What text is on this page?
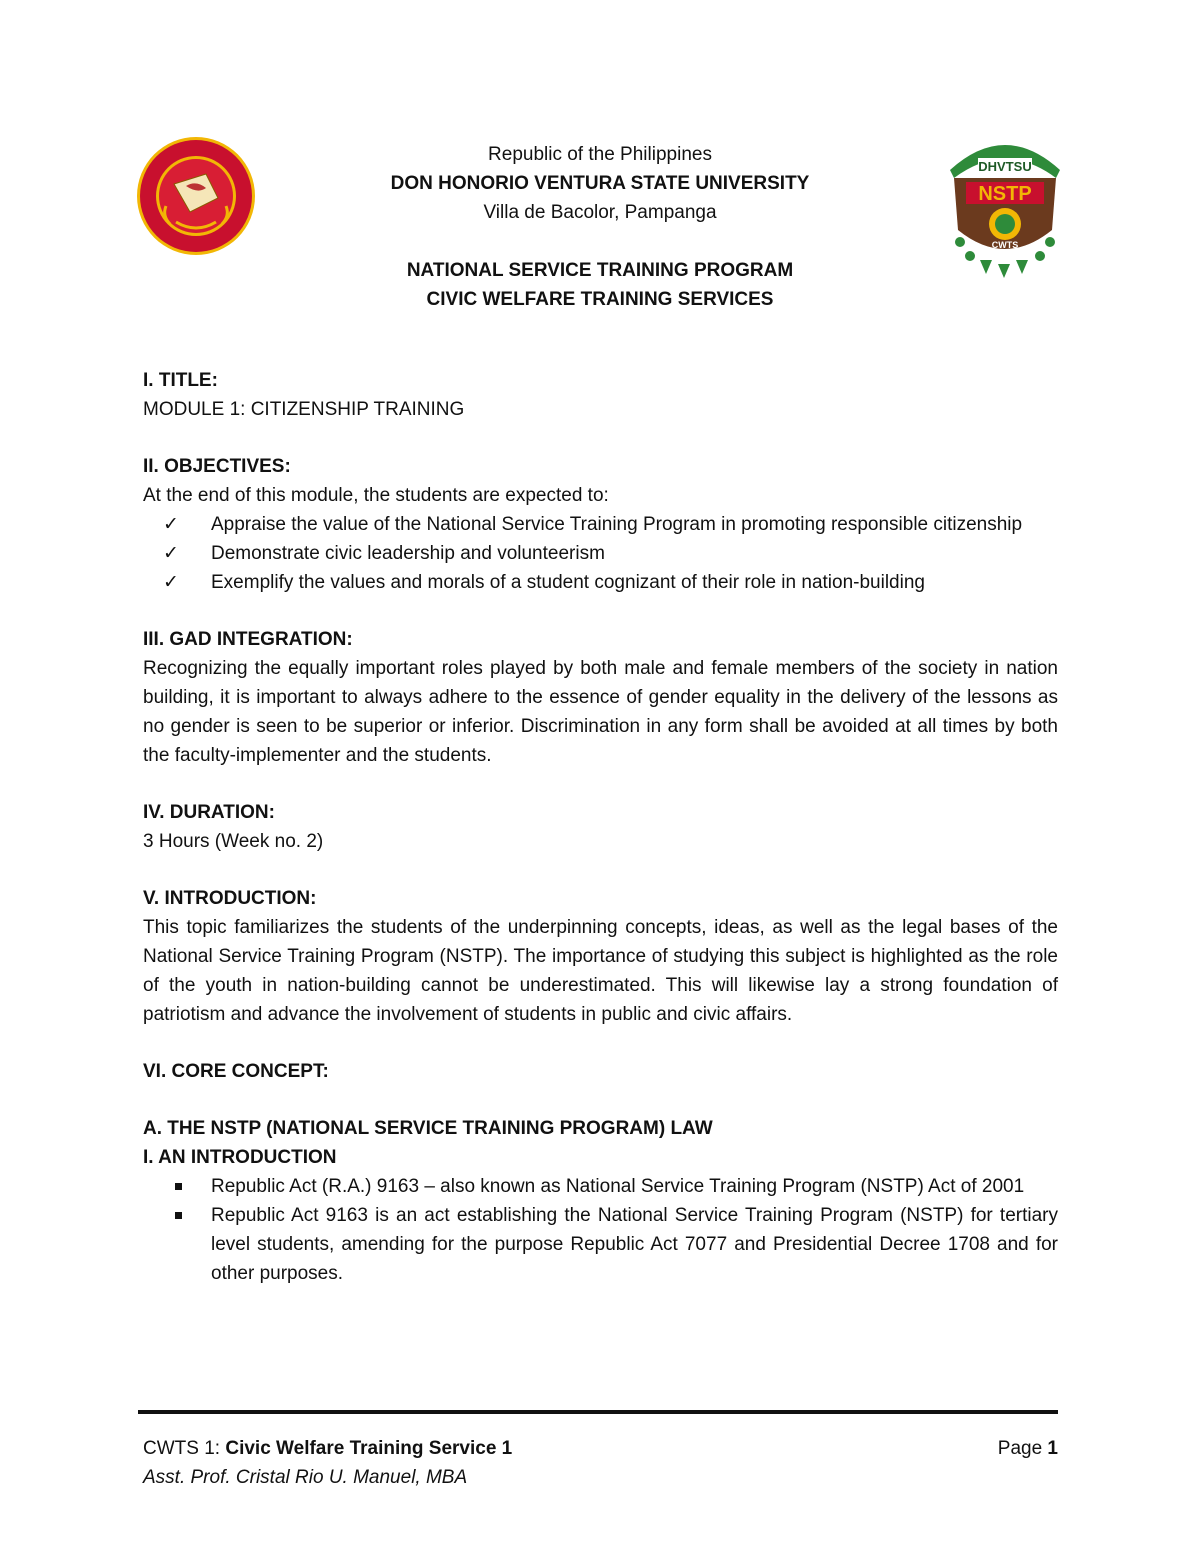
Republic of the Philippines
DON HONORIO VENTURA STATE UNIVERSITY
Villa de Bacolor, Pampanga
NATIONAL SERVICE TRAINING PROGRAM
CIVIC WELFARE TRAINING SERVICES
DHVTSU
NSTP
CWTS

I. TITLE:

MODULE 1: CITIZENSHIP TRAINING

II. OBJECTIVES:

At the end of this module, the students are expected to:

✓ Appraise the value of the National Service Training Program in promoting responsible citizenship
✓ Demonstrate civic leadership and volunteerism
✓ Exemplify the values and morals of a student cognizant of their role in nation-building

III. GAD INTEGRATION:

Recognizing the equally important roles played by both male and female members of the society in nation building, it is important to always adhere to the essence of gender equality in the delivery of the lessons as no gender is seen to be superior or inferior. Discrimination in any form shall be avoided at all times by both the faculty-implementer and the students.

IV. DURATION:

3 Hours (Week no. 2)

V. INTRODUCTION:

This topic familiarizes the students of the underpinning concepts, ideas, as well as the legal bases of the National Service Training Program (NSTP). The importance of studying this subject is highlighted as the role of the youth in nation-building cannot be underestimated. This will likewise lay a strong foundation of patriotism and advance the involvement of students in public and civic affairs.

VI. CORE CONCEPT:

A. THE NSTP (NATIONAL SERVICE TRAINING PROGRAM) LAW

I. AN INTRODUCTION

Republic Act (R.A.) 9163 – also known as National Service Training Program (NSTP) Act of 2001
Republic Act 9163 is an act establishing the National Service Training Program (NSTP) for tertiary level students, amending for the purpose Republic Act 7077 and Presidential Decree 1708 and for other purposes.
CWTS 1: Civic Welfare Training Service 1	Page 1
Asst. Prof. Cristal Rio U. Manuel, MBA
